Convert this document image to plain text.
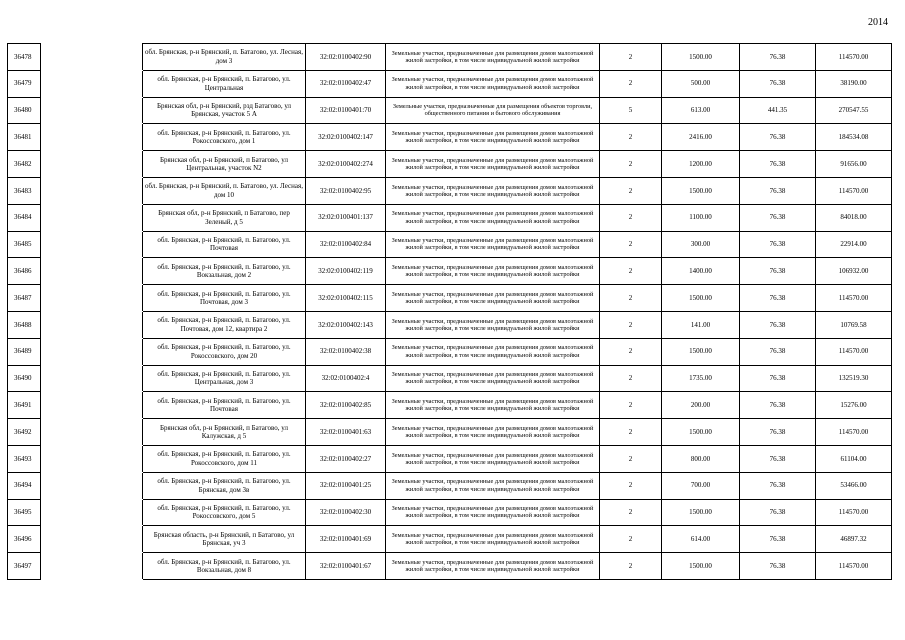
2014
36478		обл. Брянская, р-н Брянский, п. Батагово, ул. Лесная, дом 3	32:02:0100402:90	Земельные участки, предназначенные для размещения домов малоэтажной жилой застройки, в том числе индивидуальной жилой застройки	2	1500.00	76.38	114570.00
36479		обл. Брянская, р-н Брянский, п. Батагово, ул. Центральная	32:02:0100402:47	Земельные участки, предназначенные для размещения домов малоэтажной жилой застройки, в том числе индивидуальной жилой застройки	2	500.00	76.38	38190.00
36480		Брянская обл, р-н Брянский, рзд Батагово, ул Брянская, участок 5 А	32:02:0100401:70	Земельные участки, предназначенные для размещения объектов торговли, общественного питания и бытового обслуживания	5	613.00	441.35	270547.55
36481		обл. Брянская, р-н Брянский, п. Батагово, ул. Рокоссовского, дом 1	32:02:0100402:147	Земельные участки, предназначенные для размещения домов малоэтажной жилой застройки, в том числе индивидуальной жилой застройки	2	2416.00	76.38	184534.08
36482		Брянская обл, р-н Брянский, п Батагово, ул Центральная, участок N2	32:02:0100402:274	Земельные участки, предназначенные для размещения домов малоэтажной жилой застройки, в том числе индивидуальной жилой застройки	2	1200.00	76.38	91656.00
36483		обл. Брянская, р-н Брянский, п. Батагово, ул. Лесная, дом 10	32:02:0100402:95	Земельные участки, предназначенные для размещения домов малоэтажной жилой застройки, в том числе индивидуальной жилой застройки	2	1500.00	76.38	114570.00
36484		Брянская обл, р-н Брянский, п Батагово, пер Зеленый, д 5	32:02:0100401:137	Земельные участки, предназначенные для размещения домов малоэтажной жилой застройки, в том числе индивидуальной жилой застройки	2	1100.00	76.38	84018.00
36485		обл. Брянская, р-н Брянский, п. Батагово, ул. Почтовая	32:02:0100402:84	Земельные участки, предназначенные для размещения домов малоэтажной жилой застройки, в том числе индивидуальной жилой застройки	2	300.00	76.38	22914.00
36486		обл. Брянская, р-н Брянский, п. Батагово, ул. Вокзальная, дом 2	32:02:0100402:119	Земельные участки, предназначенные для размещения домов малоэтажной жилой застройки, в том числе индивидуальной жилой застройки	2	1400.00	76.38	106932.00
36487		обл. Брянская, р-н Брянский, п. Батагово, ул. Почтовая, дом 3	32:02:0100402:115	Земельные участки, предназначенные для размещения домов малоэтажной жилой застройки, в том числе индивидуальной жилой застройки	2	1500.00	76.38	114570.00
36488		обл. Брянская, р-н Брянский, п. Батагово, ул. Почтовая, дом 12, квартира 2	32:02:0100402:143	Земельные участки, предназначенные для размещения домов малоэтажной жилой застройки, в том числе индивидуальной жилой застройки	2	141.00	76.38	10769.58
36489		обл. Брянская, р-н Брянский, п. Батагово, ул. Рокоссовского, дом 20	32:02:0100402:38	Земельные участки, предназначенные для размещения домов малоэтажной жилой застройки, в том числе индивидуальной жилой застройки	2	1500.00	76.38	114570.00
36490		обл. Брянская, р-н Брянский, п. Батагово, ул. Центральная, дом 3	32:02:0100402:4	Земельные участки, предназначенные для размещения домов малоэтажной жилой застройки, в том числе индивидуальной жилой застройки	2	1735.00	76.38	132519.30
36491		обл. Брянская, р-н Брянский, п. Батагово, ул. Почтовая	32:02:0100402:85	Земельные участки, предназначенные для размещения домов малоэтажной жилой застройки, в том числе индивидуальной жилой застройки	2	200.00	76.38	15276.00
36492		Брянская обл, р-н Брянский, п Батагово, ул Калужская, д 5	32:02:0100401:63	Земельные участки, предназначенные для размещения домов малоэтажной жилой застройки, в том числе индивидуальной жилой застройки	2	1500.00	76.38	114570.00
36493		обл. Брянская, р-н Брянский, п. Батагово, ул. Рокоссовского, дом 11	32:02:0100402:27	Земельные участки, предназначенные для размещения домов малоэтажной жилой застройки, в том числе индивидуальной жилой застройки	2	800.00	76.38	61104.00
36494		обл. Брянская, р-н Брянский, п. Батагово, ул. Брянская, дом 3в	32:02:0100401:25	Земельные участки, предназначенные для размещения домов малоэтажной жилой застройки, в том числе индивидуальной жилой застройки	2	700.00	76.38	53466.00
36495		обл. Брянская, р-н Брянский, п. Батагово, ул. Рокоссовского, дом 5	32:02:0100402:30	Земельные участки, предназначенные для размещения домов малоэтажной жилой застройки, в том числе индивидуальной жилой застройки	2	1500.00	76.38	114570.00
36496		Брянская область, р-н Брянский, п Батагово, ул Брянская, уч 3	32:02:0100401:69	Земельные участки, предназначенные для размещения домов малоэтажной жилой застройки, в том числе индивидуальной жилой застройки	2	614.00	76.38	46897.32
36497		обл. Брянская, р-н Брянский, п. Батагово, ул. Вокзальная, дом 8	32:02:0100401:67	Земельные участки, предназначенные для размещения домов малоэтажной жилой застройки, в том числе индивидуальной жилой застройки	2	1500.00	76.38	114570.00
